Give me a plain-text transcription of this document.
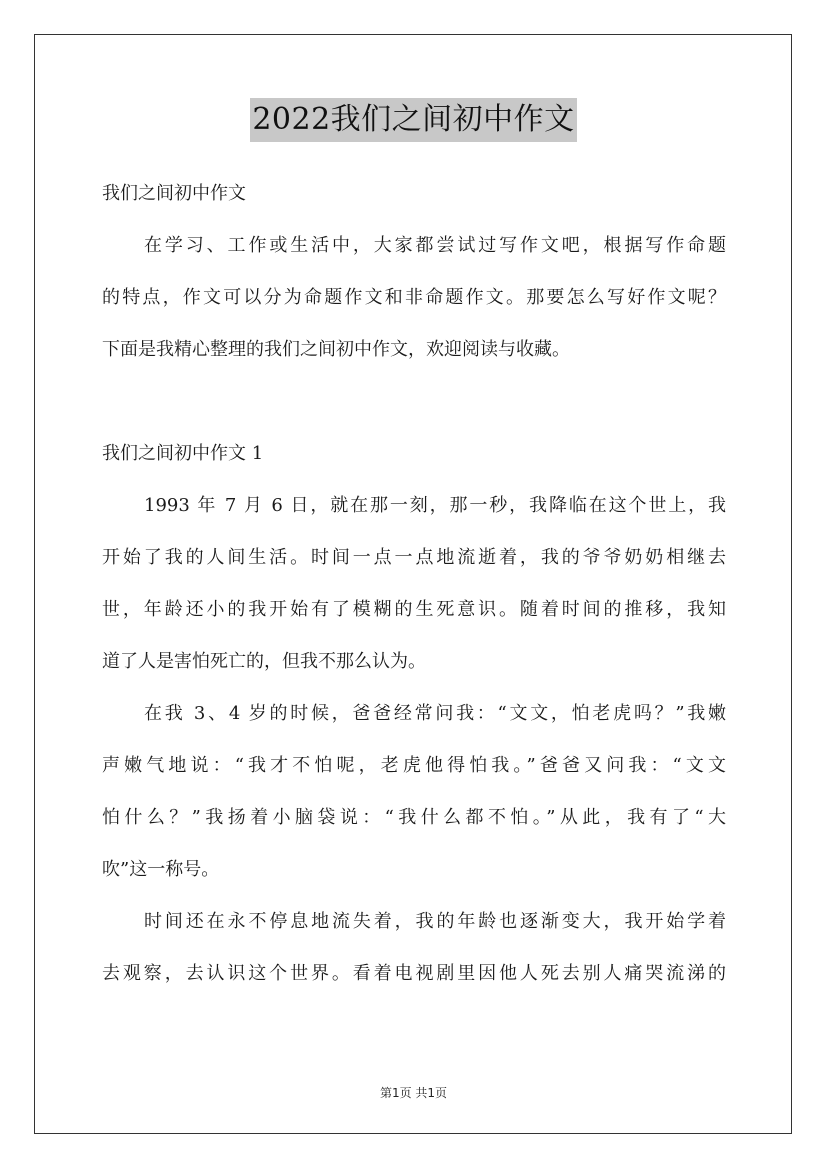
2022我们之间初中作文
我们之间初中作文
在学习、工作或生活中，大家都尝试过写作文吧，根据写作命题
的特点，作文可以分为命题作文和非命题作文。那要怎么写好作文呢？
下面是我精心整理的我们之间初中作文，欢迎阅读与收藏。
我们之间初中作文 1
1993 年 7 月 6 日，就在那一刻，那一秒，我降临在这个世上，我
开始了我的人间生活。时间一点一点地流逝着，我的爷爷奶奶相继去
世，年龄还小的我开始有了模糊的生死意识。随着时间的推移，我知
道了人是害怕死亡的，但我不那么认为。
在我 3、4 岁的时候，爸爸经常问我：“文文，怕老虎吗？”我嫩
声嫩气地说：“我才不怕呢，老虎他得怕我。”爸爸又问我：“文文
怕什么？”我扬着小脑袋说：“我什么都不怕。”从此，我有了“大
吹”这一称号。
时间还在永不停息地流失着，我的年龄也逐渐变大，我开始学着
去观察，去认识这个世界。看着电视剧里因他人死去别人痛哭流涕的
第1页 共1页
